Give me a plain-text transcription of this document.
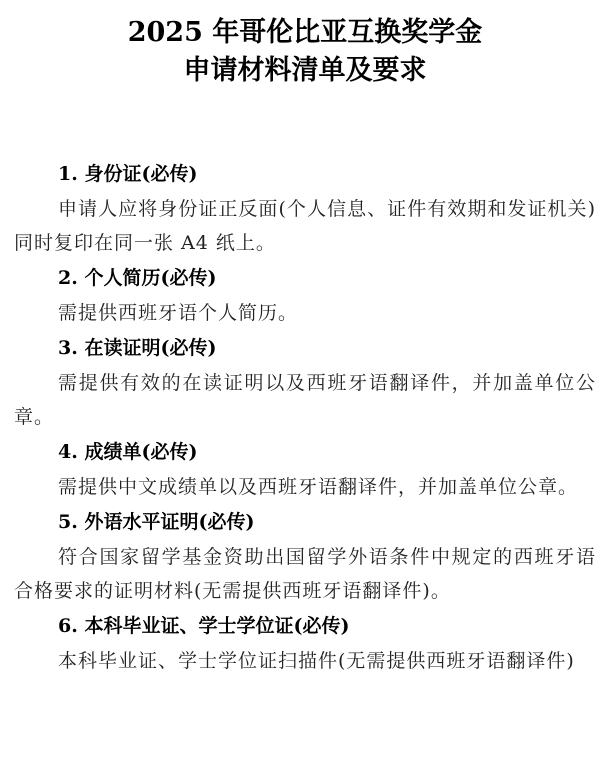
2025 年哥伦比亚互换奖学金
申请材料清单及要求
1. 身份证(必传)

申请人应将身份证正反面(个人信息、证件有效期和发证机关)同时复印在同一张 A4 纸上。

2. 个人简历(必传)

需提供西班牙语个人简历。

3. 在读证明(必传)

需提供有效的在读证明以及西班牙语翻译件，并加盖单位公章。

4. 成绩单(必传)

需提供中文成绩单以及西班牙语翻译件，并加盖单位公章。

5. 外语水平证明(必传)

符合国家留学基金资助出国留学外语条件中规定的西班牙语合格要求的证明材料(无需提供西班牙语翻译件)。

6. 本科毕业证、学士学位证(必传)

本科毕业证、学士学位证扫描件(无需提供西班牙语翻译件)
